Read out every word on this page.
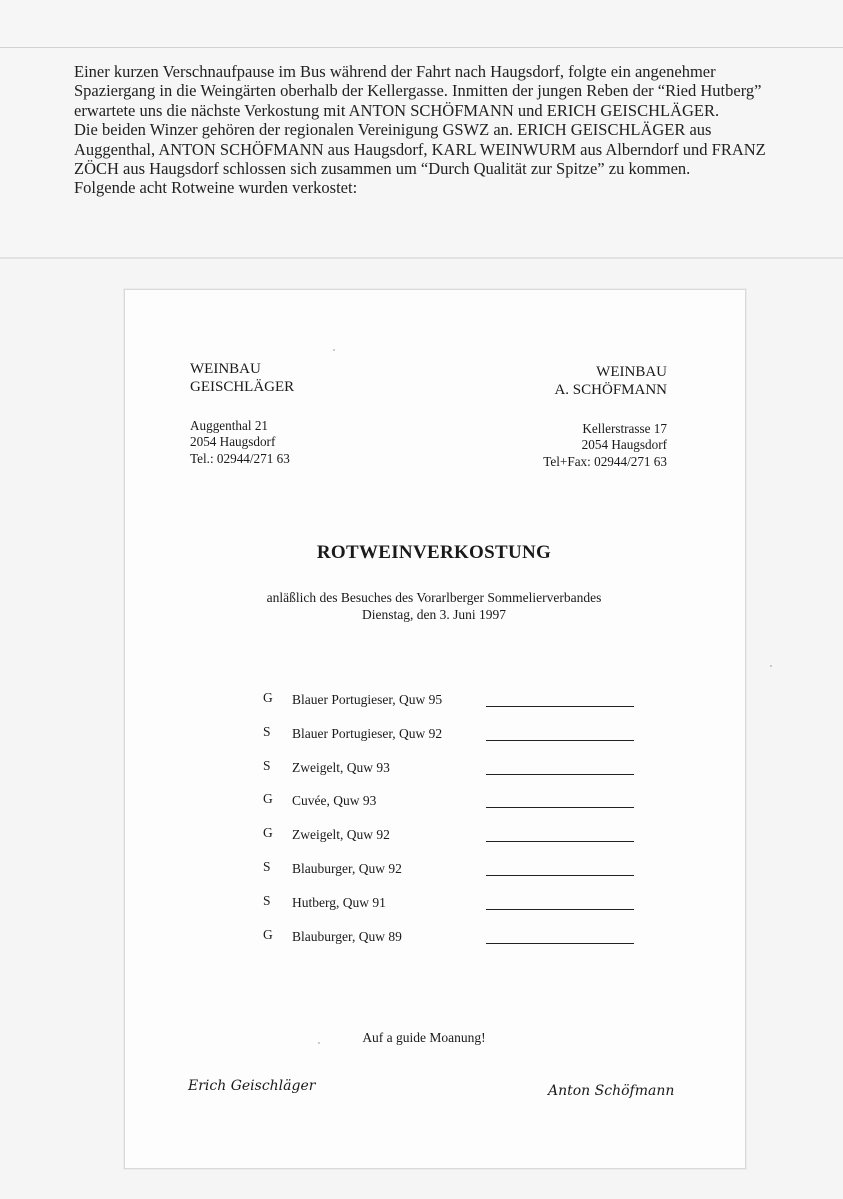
Einer kurzen Verschnaufpause im Bus während der Fahrt nach Haugsdorf, folgte ein angenehmer Spaziergang in die Weingärten oberhalb der Kellergasse. Inmitten der jungen Reben der “Ried Hutberg” erwartete uns die nächste Verkostung mit ANTON SCHÖFMANN und ERICH GEISCHLÄGER.

Die beiden Winzer gehören der regionalen Vereinigung GSWZ an. ERICH GEISCHLÄGER aus Auggenthal, ANTON SCHÖFMANN aus Haugsdorf, KARL WEINWURM aus Alberndorf und FRANZ ZÖCH aus Haugsdorf schlossen sich zusammen um “Durch Qualität zur Spitze” zu kommen.

Folgende acht Rotweine wurden verkostet:

WEINBAU
GEISCHLÄGER
Auggenthal 21
2054 Haugsdorf
Tel.: 02944/271 63
WEINBAU
A. SCHÖFMANN
Kellerstrasse 17
2054 Haugsdorf
Tel+Fax: 02944/271 63
ROTWEINVERKOSTUNG
anläßlich des Besuches des Vorarlberger Sommelierverbandes
Dienstag, den 3. Juni 1997
G	Blauer Portugieser, Quw 95
S	Blauer Portugieser, Quw 92
S	Zweigelt, Quw 93
G	Cuvée, Quw 93
G	Zweigelt, Quw 92
S	Blauburger, Quw 92
S	Hutberg, Quw 91
G	Blauburger, Quw 89
Auf a guide Moanung!
Erich Geischläger	Anton Schöfmann
